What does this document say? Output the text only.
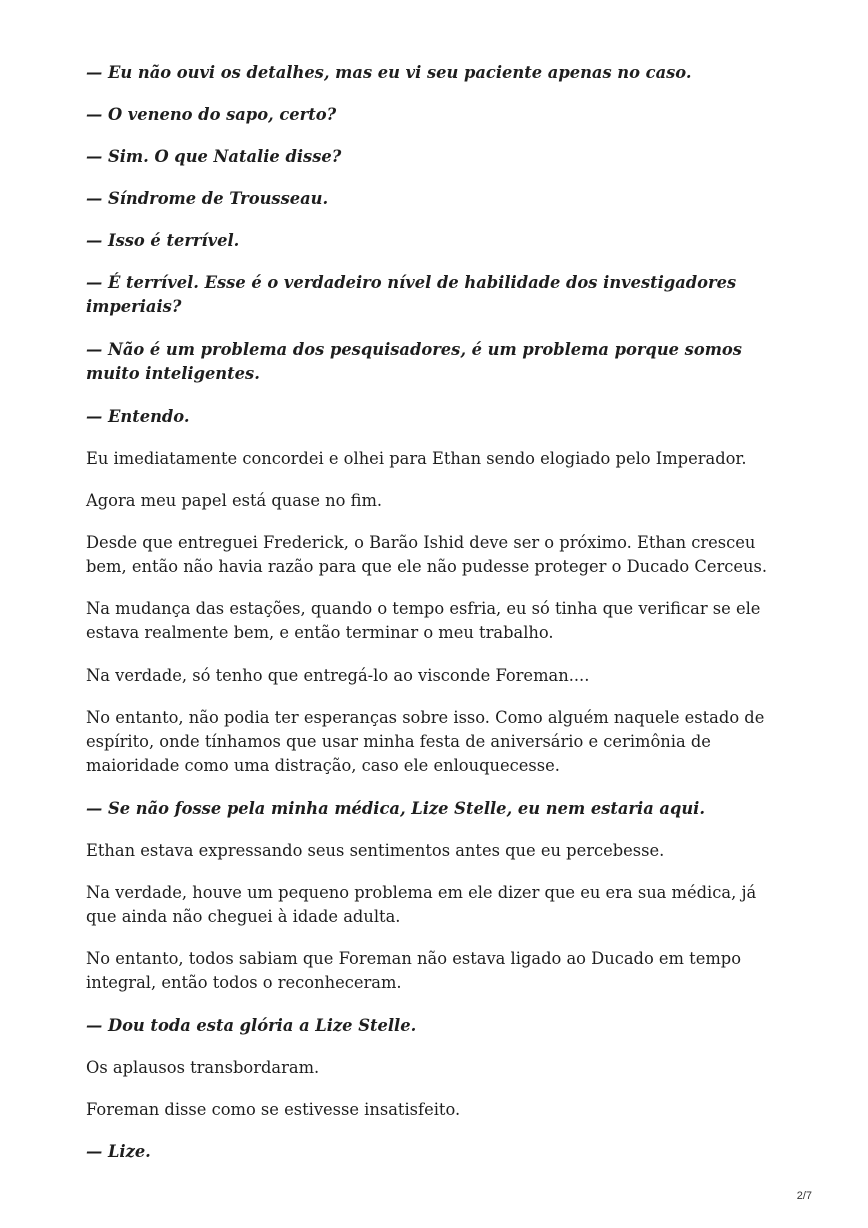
— Eu não ouvi os detalhes, mas eu vi seu paciente apenas no caso.

— O veneno do sapo, certo?

— Sim. O que Natalie disse?

— Síndrome de Trousseau.

— Isso é terrível.

— É terrível. Esse é o verdadeiro nível de habilidade dos investigadores imperiais?

— Não é um problema dos pesquisadores, é um problema porque somos muito inteligentes.

— Entendo.

Eu imediatamente concordei e olhei para Ethan sendo elogiado pelo Imperador.

Agora meu papel está quase no fim.

Desde que entreguei Frederick, o Barão Ishid deve ser o próximo. Ethan cresceu bem, então não havia razão para que ele não pudesse proteger o Ducado Cerceus.

Na mudança das estações, quando o tempo esfria, eu só tinha que verificar se ele estava realmente bem, e então terminar o meu trabalho.

Na verdade, só tenho que entregá-lo ao visconde Foreman....

No entanto, não podia ter esperanças sobre isso. Como alguém naquele estado de espírito, onde tínhamos que usar minha festa de aniversário e cerimônia de maioridade como uma distração, caso ele enlouquecesse.

— Se não fosse pela minha médica, Lize Stelle, eu nem estaria aqui.

Ethan estava expressando seus sentimentos antes que eu percebesse.

Na verdade, houve um pequeno problema em ele dizer que eu era sua médica, já que ainda não cheguei à idade adulta.

No entanto, todos sabiam que Foreman não estava ligado ao Ducado em tempo integral, então todos o reconheceram.

— Dou toda esta glória a Lize Stelle.

Os aplausos transbordaram.

Foreman disse como se estivesse insatisfeito.

— Lize.

2/7
